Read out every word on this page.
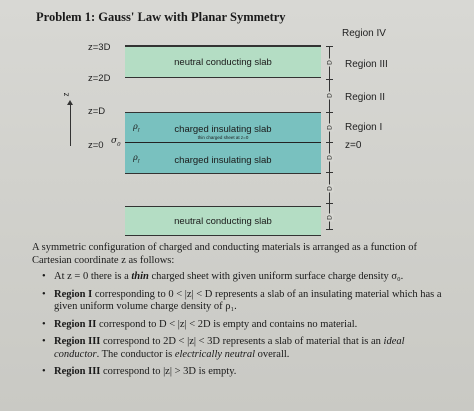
Problem 1: Gauss' Law with Planar Symmetry
Region IV
Region III
Region II
Region I
z=0
z=3D
z=2D
z=D
z=0 $\sigma_0$
z
neutral conducting slab
$\rho_I$	charged insulating slab
thin charged sheet at z=0
$\rho_I$	charged insulating slab
neutral conducting slab
D
D
D
D
D
D

A symmetric configuration of charged and conducting materials is arranged as a function of Cartesian coordinate z as follows:

• At z = 0 there is a thin charged sheet with given uniform surface charge density σ₀.
• Region I corresponding to 0 < |z| < D represents a slab of an insulating material which has a given uniform volume charge density of ρ₁.
• Region II correspond to D < |z| < 2D is empty and contains no material.
• Region III correspond to 2D < |z| < 3D represents a slab of material that is an ideal conductor. The conductor is electrically neutral overall.
• Region III correspond to |z| > 3D is empty.
